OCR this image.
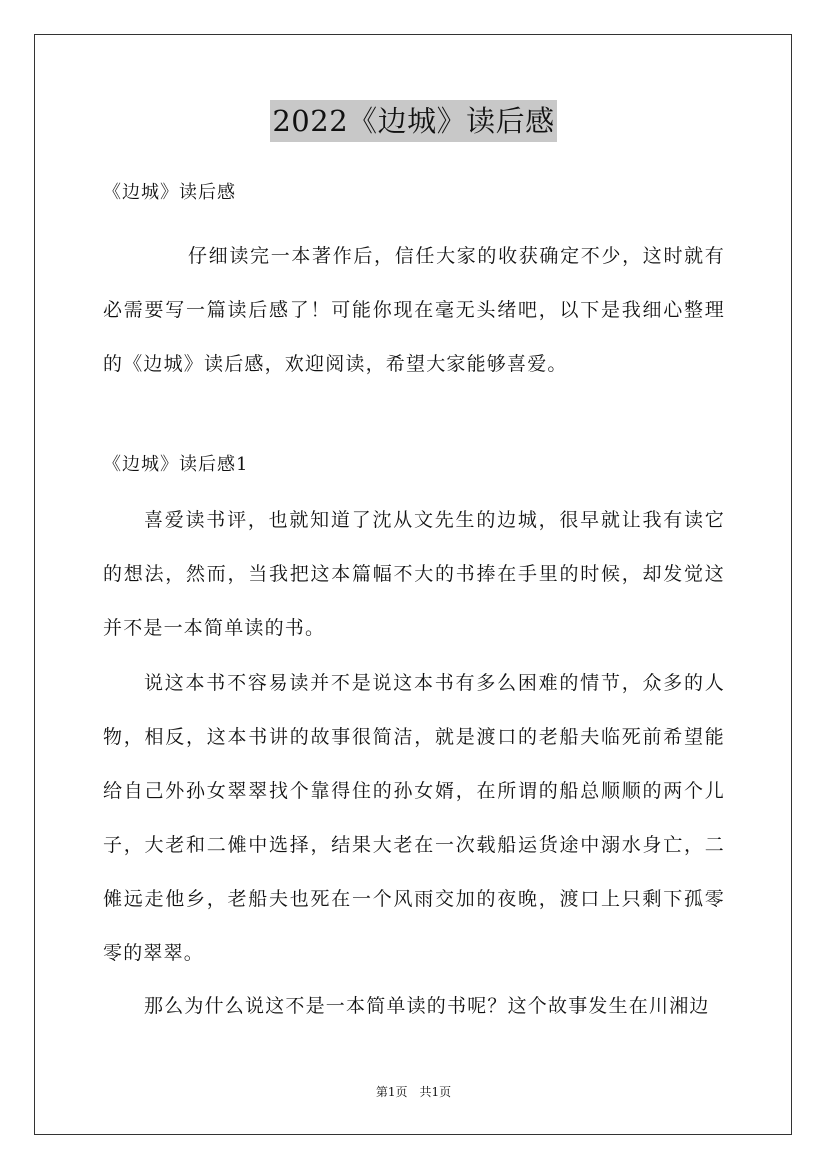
2022《边城》读后感
《边城》读后感
仔细读完一本著作后，信任大家的收获确定不少，这时就有必需要写一篇读后感了！可能你现在毫无头绪吧，以下是我细心整理的《边城》读后感，欢迎阅读，希望大家能够喜爱。
《边城》读后感1
喜爱读书评，也就知道了沈从文先生的边城，很早就让我有读它的想法，然而，当我把这本篇幅不大的书捧在手里的时候，却发觉这并不是一本简单读的书。
说这本书不容易读并不是说这本书有多么困难的情节，众多的人物，相反，这本书讲的故事很简洁，就是渡口的老船夫临死前希望能给自己外孙女翠翠找个靠得住的孙女婿，在所谓的船总顺顺的两个儿子，大老和二傩中选择，结果大老在一次载船运货途中溺水身亡，二傩远走他乡，老船夫也死在一个风雨交加的夜晚，渡口上只剩下孤零零的翠翠。
那么为什么说这不是一本简单读的书呢？这个故事发生在川湘边
第1页　共1页
